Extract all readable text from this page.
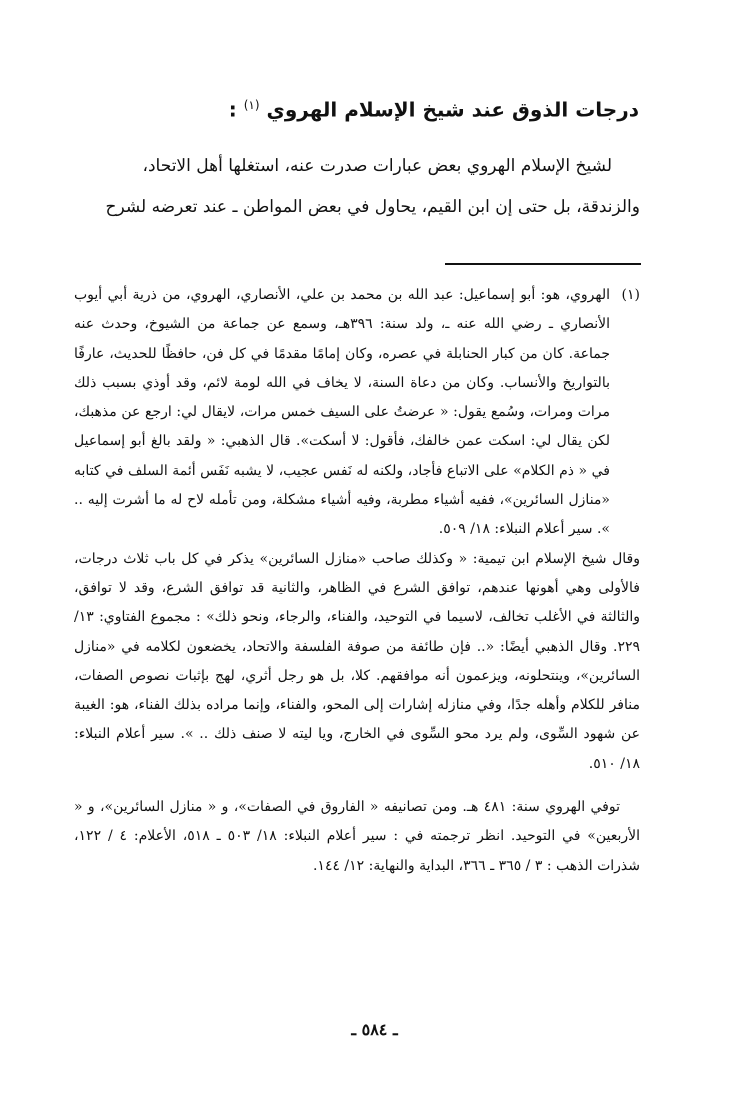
درجات الذوق عند شيخ الإسلام الهروي $^{(١)}$ :

لشيخ الإسلام الهروي بعض عبارات صدرت عنه، استغلها أهل الاتحاد،

والزندقة، بل حتى إن ابن القيم، يحاول في بعض المواطن ـ عند تعرضه لشرح

(١)
الهروي، هو: أبو إسماعيل: عبد الله بن محمد بن علي، الأنصاري، الهروي، من ذرية أبي أيوب الأنصاري ـ رضي الله عنه ـ، ولد سنة: ٣٩٦هـ، وسمع عن جماعة من الشيوخ، وحدث عنه جماعة. كان من كبار الحنابلة في عصره، وكان إمامًا مقدمًا في كل فن، حافظًا للحديث، عارفًا بالتواريخ والأنساب. وكان من دعاة السنة، لا يخاف في الله لومة لائم، وقد أوذي بسبب ذلك مرات ومرات، وسُمع يقول: « عرضتُ على السيف خمس مرات، لايقال لي: ارجع عن مذهبك، لكن يقال لي: اسكت عمن خالفك، فأقول: لا أسكت». قال الذهبي: « ولقد بالغ أبو إسماعيل في « ذم الكلام» على الاتباع فأجاد، ولكنه له نَفس عجيب، لا يشبه نَفَس أئمة السلف في كتابه «منازل السائرين»، ففيه أشياء مطربة، وفيه أشياء مشكلة، ومن تأمله لاح له ما أشرت إليه .. ». سير أعلام النبلاء: ١٨/ ٥٠٩.

وقال شيخ الإسلام ابن تيمية: « وكذلك صاحب «منازل السائرين» يذكر في كل باب ثلاث درجات، فالأولى وهي أهونها عندهم، توافق الشرع في الظاهر، والثانية قد توافق الشرع، وقد لا توافق، والثالثة في الأغلب تخالف، لاسيما في التوحيد، والفناء، والرجاء، ونحو ذلك» : مجموع الفتاوي: ١٣/ ٢٢٩. وقال الذهبي أيضًا: «.. فإن طائفة من صوفة الفلسفة والاتحاد، يخضعون لكلامه في «منازل السائرين»، وينتحلونه، ويزعمون أنه موافقهم. كلا، بل هو رجل أثري، لهج بإثبات نصوص الصفات، منافر للكلام وأهله جدًا، وفي منازله إشارات إلى المحو، والفناء، وإنما مراده بذلك الفناء، هو: الغيبة عن شهود السِّوى، ولم يرد محو السِّوى في الخارج، ويا ليته لا صنف ذلك .. ». سير أعلام النبلاء: ١٨/ ٥١٠.

توفي الهروي سنة: ٤٨١ هـ. ومن تصانيفه « الفاروق في الصفات»، و « منازل السائرين»، و « الأربعين» في التوحيد. انظر ترجمته في : سير أعلام النبلاء: ١٨/ ٥٠٣ ـ ٥١٨، الأعلام: ٤ / ١٢٢، شذرات الذهب : ٣ / ٣٦٥ ـ ٣٦٦، البداية والنهاية: ١٢/ ١٤٤.

ـ ٥٨٤ ـ
